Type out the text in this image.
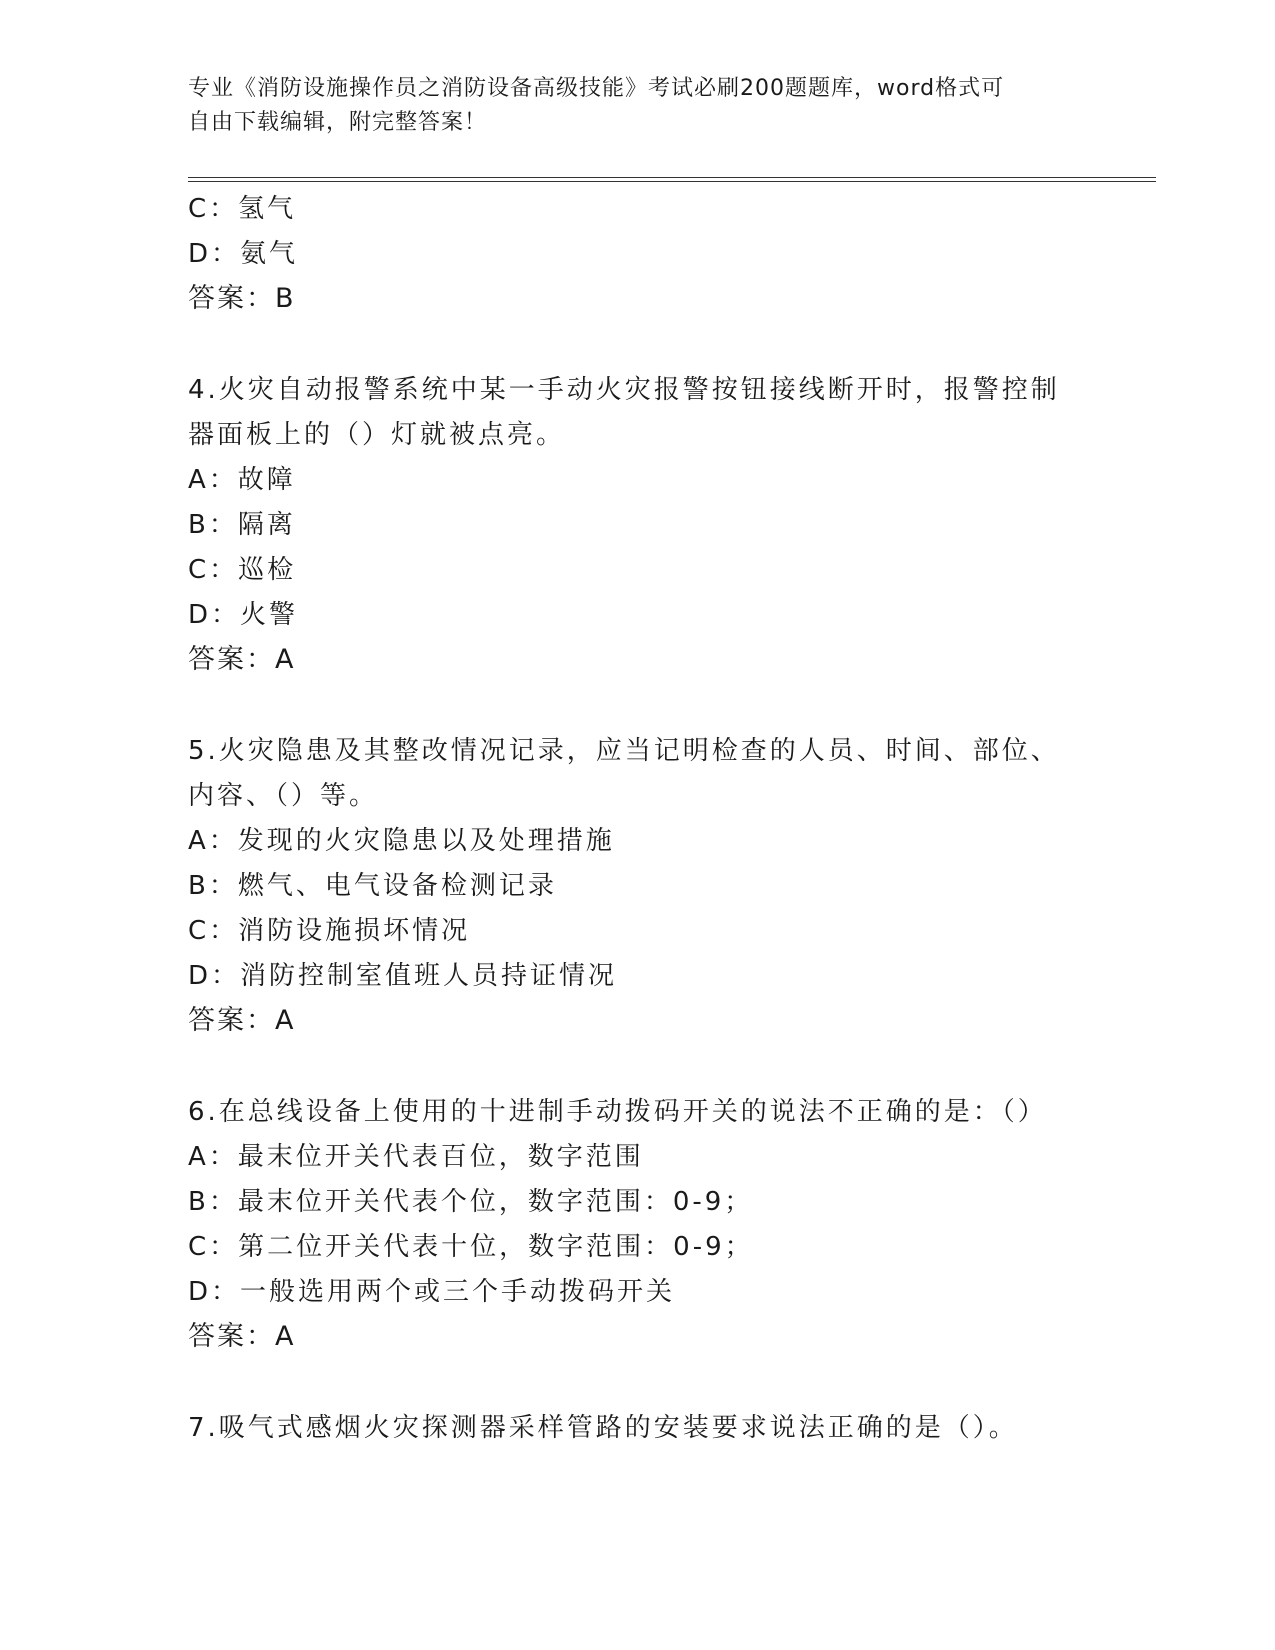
专业《消防设施操作员之消防设备高级技能》考试必刷200题题库，word格式可
自由下载编辑，附完整答案！
C：氢气
D：氨气
答案：B
4.火灾自动报警系统中某一手动火灾报警按钮接线断开时，报警控制
器面板上的（）灯就被点亮。
A：故障
B：隔离
C：巡检
D：火警
答案：A
5.火灾隐患及其整改情况记录，应当记明检查的人员、时间、部位、
内容、（）等。
A：发现的火灾隐患以及处理措施
B：燃气、电气设备检测记录
C：消防设施损坏情况
D：消防控制室值班人员持证情况
答案：A
6.在总线设备上使用的十进制手动拨码开关的说法不正确的是：（）
A：最末位开关代表百位，数字范围
B：最末位开关代表个位，数字范围：0-9；
C：第二位开关代表十位，数字范围：0-9；
D：一般选用两个或三个手动拨码开关
答案：A
7.吸气式感烟火灾探测器采样管路的安装要求说法正确的是（）。
